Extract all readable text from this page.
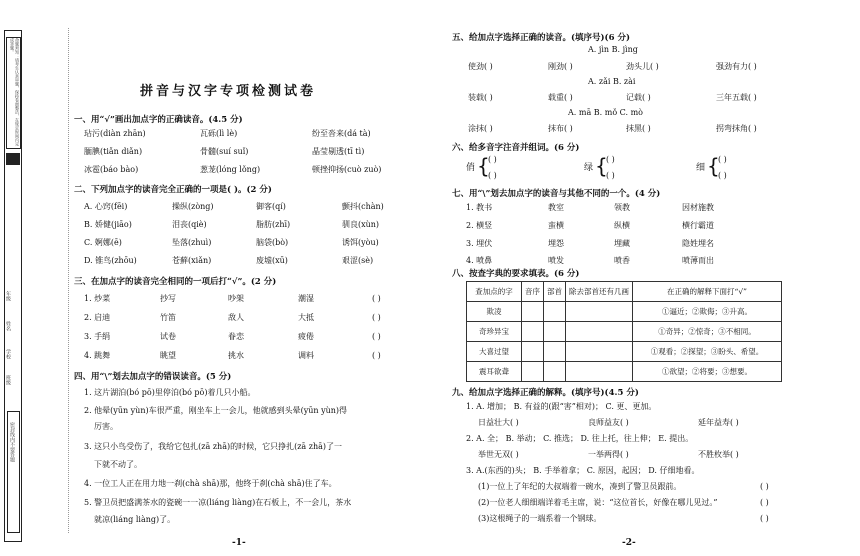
命题须知：请考生认真审题，保持卷面整洁，在规定时间内完成答题。
年级
姓名
学校
班级
密封线内不要答题
拼音与汉字专项检测试卷
一、用“√”画出加点字的正确读音。(4.5 分)
玷污(diàn zhān)	瓦砾(lì lè)	纷至沓来(dá tà)
腼腆(tiǎn diǎn)	骨髓(suí suǐ)	晶莹剔透(tī tì)
冰雹(báo bào)	葱茏(lóng lǒng)	顿挫抑扬(cuò zuò)
二、下列加点字的读音完全正确的一项是( )。(2 分)
A. 心窍(fēi)	操纵(zòng)	御客(qí)	颤抖(chàn)
B. 娇健(jiāo)	泪丧(qiè)	脂肪(zhī)	驯良(xùn)
C. 婀娜(ē)	坠落(zhuì)	脑袋(bò)	诱饵(yòu)
D. 锥鸟(zhōu)	苍蘚(xiǎn)	废墟(xū)	艰涩(sè)
三、在加点字的读音完全相同的一项后打“√”。(2 分)
1. 炒菜	抄写	吵架	潮湿	( )
2. 启迪	竹笛	敌人	大抵	( )
3. 手绢	试卷	眷恋	疲倦	( )
4. 跳舞	眺望	挑水	调料	( )
四、用“\”划去加点字的错误读音。(5 分)
1. 这片湖泊(bó pō)里停泊(bó pō)着几只小船。
2. 他晕(yūn yùn)车很严重，刚坐车上一会儿，他就感到头晕(yūn yùn)得
厉害。
3. 这只小鸟受伤了，我给它包扎(zā zhā)的时候，它只挣扎(zā zhā)了一
下就不动了。
4. 一位工人正在用力地一刹(chà shā)那，他终于刹(chà shā)住了车。
5. 警卫员把盛满茶水的瓷碗一一凉(liáng liàng)在石板上，不一会儿，茶水
就凉(liáng liàng)了。
-1-
五、给加点字选择正确的读音。(填序号)(6 分)
A. jìn B. jìng
使劲( )	刚劲( )	劲头儿( )	强劲有力( )
A. zǎi B. zài
装载( )	载重( )	记载( )	三年五载( )
A. mā B. mǒ C. mò
涂抹( )	抹布( )	抹黑( )	拐弯抹角( )
六、给多音字注音并组词。(6 分)
俏 {
( )
( )
绿 {
( )
( )
细 {
( )
( )
七、用“\”划去加点字的读音与其他不同的一个。(4 分)
1. 教书	教室	领教	因材施教
2. 横竖	蛮横	纵横	横行霸道
3. 埋伏	埋怨	埋藏	隐姓埋名
4. 喷鼻	喷发	喷香	喷薄而出
八、按查字典的要求填表。(6 分)
查加点的字	音序	部首	除去部首还有几画	在正确的解释下面打“√”
欺凌				①逼近；②欺侮；③升高。
奇珍异宝				①奇异；②惊奇；③不相同。
大喜过望				①观看；②探望；③盼头、希望。
震耳欲聋				①欲望；②将要；③想要。
九、给加点字选择正确的解释。(填序号)(4.5 分)
1. A. 增加； B. 有益的(跟“害”相对)； C. 更、更加。
日益壮大( )	良师益友( )	延年益寿( )
2. A. 全； B. 举动； C. 推选； D. 往上托，往上伸； E. 提出。
举世无双( )	一举两得( )	不胜枚举( )
3. A.(东西的)头； B. 手举着拿； C. 原因，起因； D. 仔细地看。
(1)一位上了年纪的大叔端着一碗水，凑到了警卫员跟前。	( )
(2)一位老人细细端详着毛主席，说：“这位首长，好像在哪儿见过。”	( )
(3)这根绳子的一端系着一个钢球。	( )
-2-
